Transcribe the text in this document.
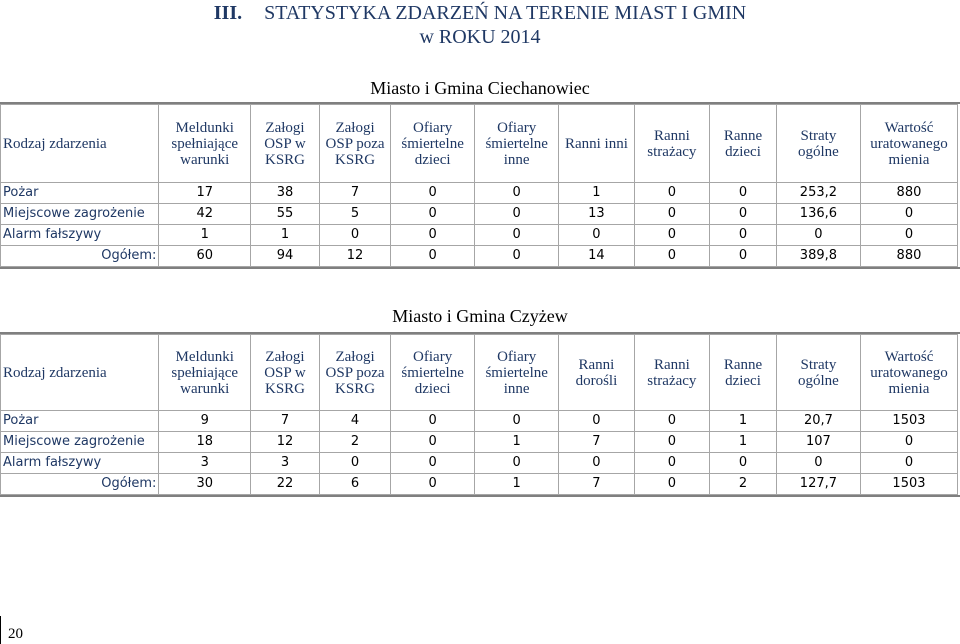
III. STATYSTYKA ZDARZEŃ NA TERENIE MIAST I GMIN
w ROKU 2014
Miasto i Gmina Ciechanowiec
Rodzaj zdarzenia	Meldunki spełniające warunki	Załogi OSP w KSRG	Załogi OSP poza KSRG	Ofiary śmiertelne dzieci	Ofiary śmiertelne inne	Ranni inni	Ranni strażacy	Ranne dzieci	Straty ogólne	Wartość uratowanego mienia
Pożar	17	38	7	0	0	1	0	0	253,2	880
Miejscowe zagrożenie	42	55	5	0	0	13	0	0	136,6	0
Alarm fałszywy	1	1	0	0	0	0	0	0	0	0
Ogółem:	60	94	12	0	0	14	0	0	389,8	880
Miasto i Gmina Czyżew
Rodzaj zdarzenia	Meldunki spełniające warunki	Załogi OSP w KSRG	Załogi OSP poza KSRG	Ofiary śmiertelne dzieci	Ofiary śmiertelne inne	Ranni dorośli	Ranni strażacy	Ranne dzieci	Straty ogólne	Wartość uratowanego mienia
Pożar	9	7	4	0	0	0	0	1	20,7	1503
Miejscowe zagrożenie	18	12	2	0	1	7	0	1	107	0
Alarm fałszywy	3	3	0	0	0	0	0	0	0	0
Ogółem:	30	22	6	0	1	7	0	2	127,7	1503
20
